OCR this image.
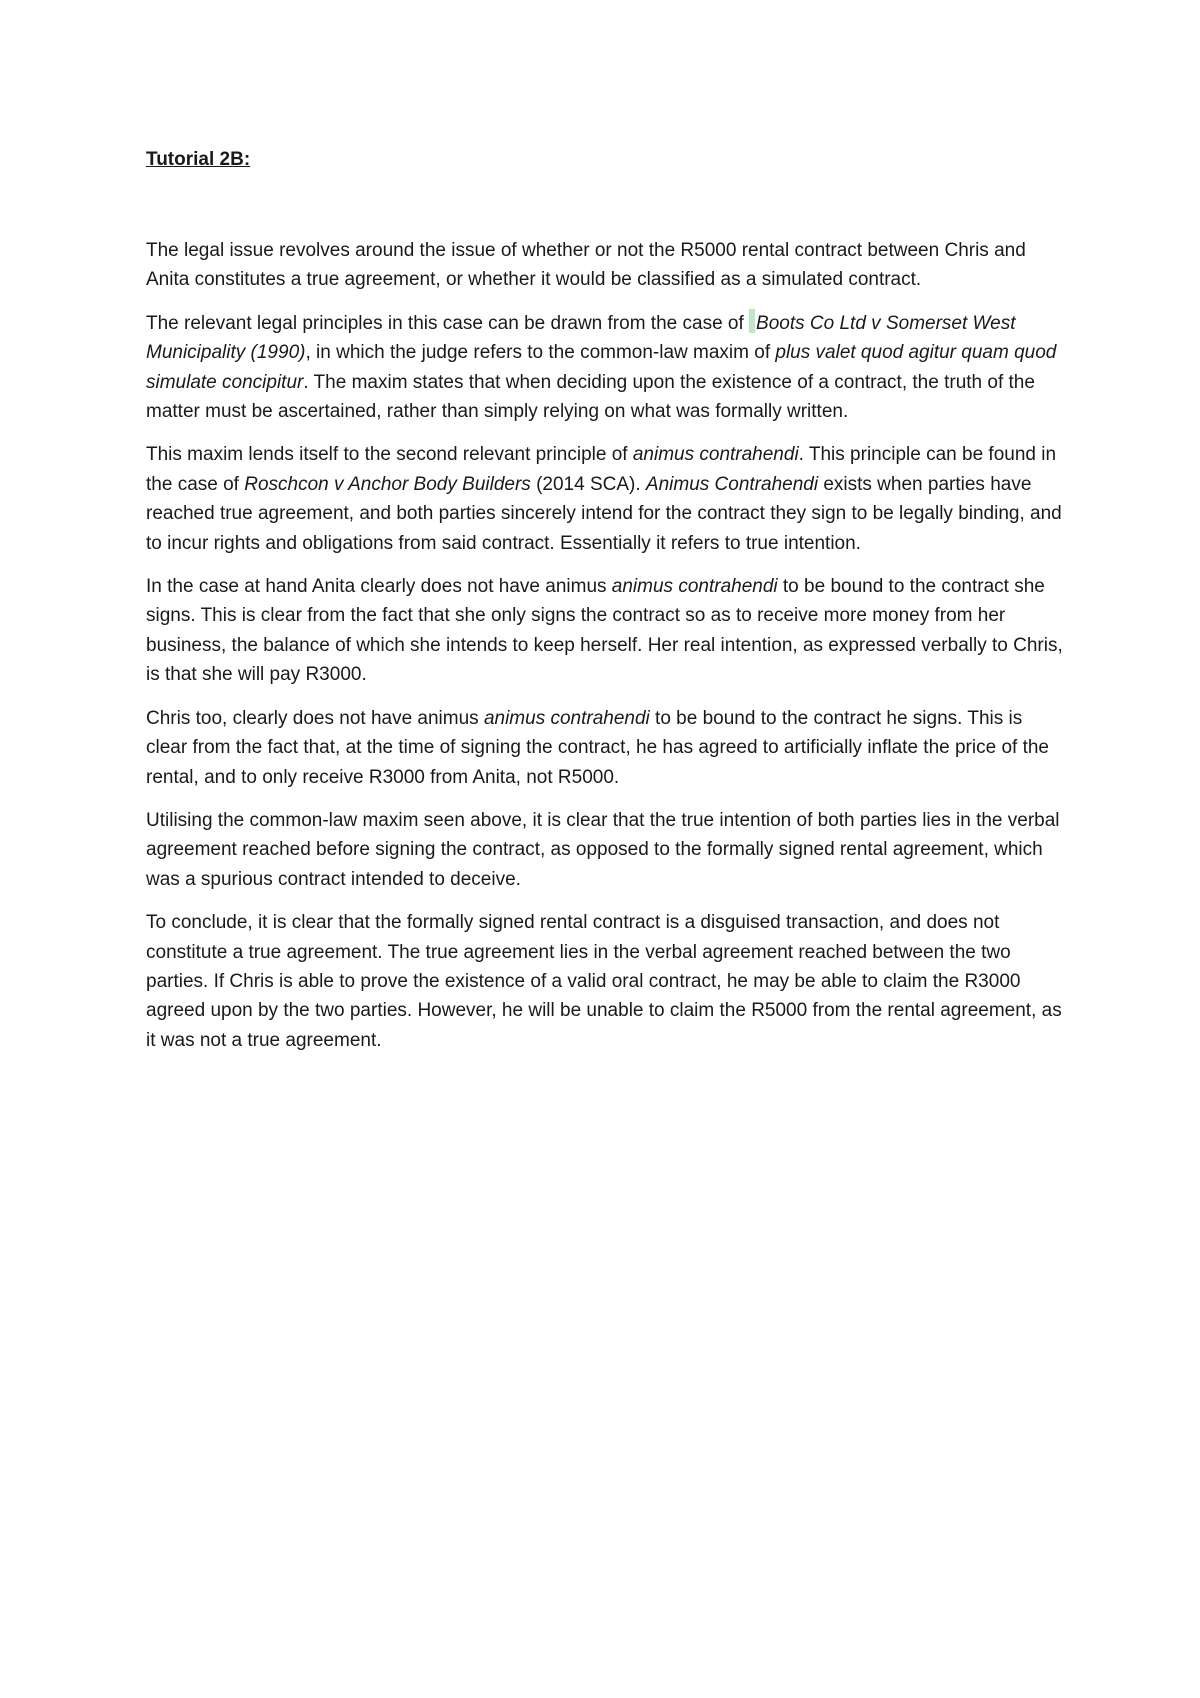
Tutorial 2B:

The legal issue revolves around the issue of whether or not the R5000 rental contract between Chris and Anita constitutes a true agreement, or whether it would be classified as a simulated contract.

The relevant legal principles in this case can be drawn from the case of Boots Co Ltd v Somerset West Municipality (1990), in which the judge refers to the common-law maxim of plus valet quod agitur quam quod simulate concipitur. The maxim states that when deciding upon the existence of a contract, the truth of the matter must be ascertained, rather than simply relying on what was formally written.

This maxim lends itself to the second relevant principle of animus contrahendi. This principle can be found in the case of Roschcon v Anchor Body Builders (2014 SCA). Animus Contrahendi exists when parties have reached true agreement, and both parties sincerely intend for the contract they sign to be legally binding, and to incur rights and obligations from said contract. Essentially it refers to true intention.

In the case at hand Anita clearly does not have animus animus contrahendi to be bound to the contract she signs. This is clear from the fact that she only signs the contract so as to receive more money from her business, the balance of which she intends to keep herself. Her real intention, as expressed verbally to Chris, is that she will pay R3000.

Chris too, clearly does not have animus animus contrahendi to be bound to the contract he signs. This is clear from the fact that, at the time of signing the contract, he has agreed to artificially inflate the price of the rental, and to only receive R3000 from Anita, not R5000.

Utilising the common-law maxim seen above, it is clear that the true intention of both parties lies in the verbal agreement reached before signing the contract, as opposed to the formally signed rental agreement, which was a spurious contract intended to deceive.

To conclude, it is clear that the formally signed rental contract is a disguised transaction, and does not constitute a true agreement. The true agreement lies in the verbal agreement reached between the two parties. If Chris is able to prove the existence of a valid oral contract, he may be able to claim the R3000 agreed upon by the two parties. However, he will be unable to claim the R5000 from the rental agreement, as it was not a true agreement.
